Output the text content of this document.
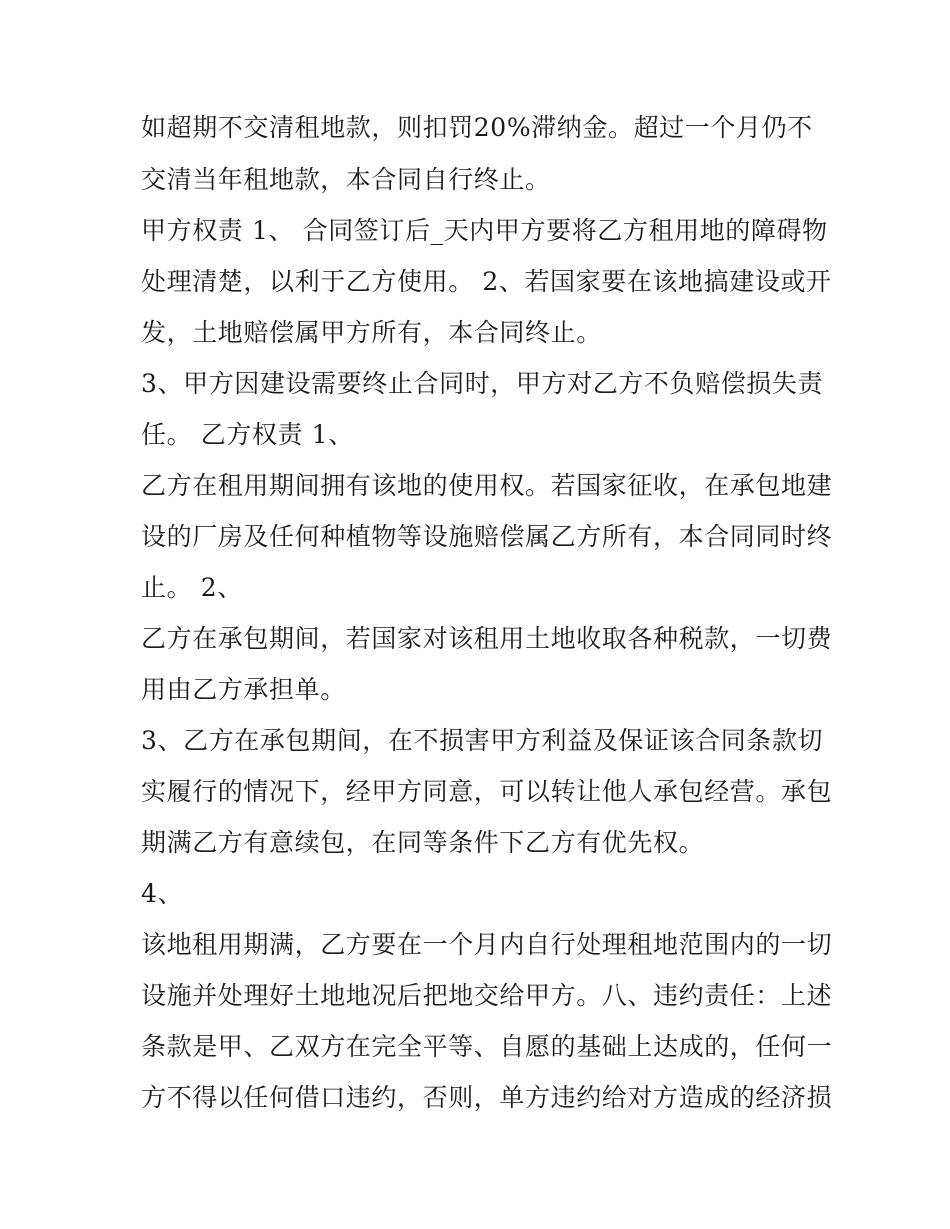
如超期不交清租地款，则扣罚20%滞纳金。超过一个月仍不
交清当年租地款，本合同自行终止。
甲方权责 1、 合同签订后_天内甲方要将乙方租用地的障碍物
处理清楚，以利于乙方使用。 2、若国家要在该地搞建设或开
发，土地赔偿属甲方所有，本合同终止。
3、甲方因建设需要终止合同时，甲方对乙方不负赔偿损失责
任。 乙方权责 1、
乙方在租用期间拥有该地的使用权。若国家征收，在承包地建
设的厂房及任何种植物等设施赔偿属乙方所有，本合同同时终
止。 2、
乙方在承包期间，若国家对该租用土地收取各种税款，一切费
用由乙方承担单。
3、乙方在承包期间，在不损害甲方利益及保证该合同条款切
实履行的情况下，经甲方同意，可以转让他人承包经营。承包
期满乙方有意续包，在同等条件下乙方有优先权。
4、
该地租用期满，乙方要在一个月内自行处理租地范围内的一切
设施并处理好土地地况后把地交给甲方。八、违约责任：上述
条款是甲、乙双方在完全平等、自愿的基础上达成的，任何一
方不得以任何借口违约，否则，单方违约给对方造成的经济损
